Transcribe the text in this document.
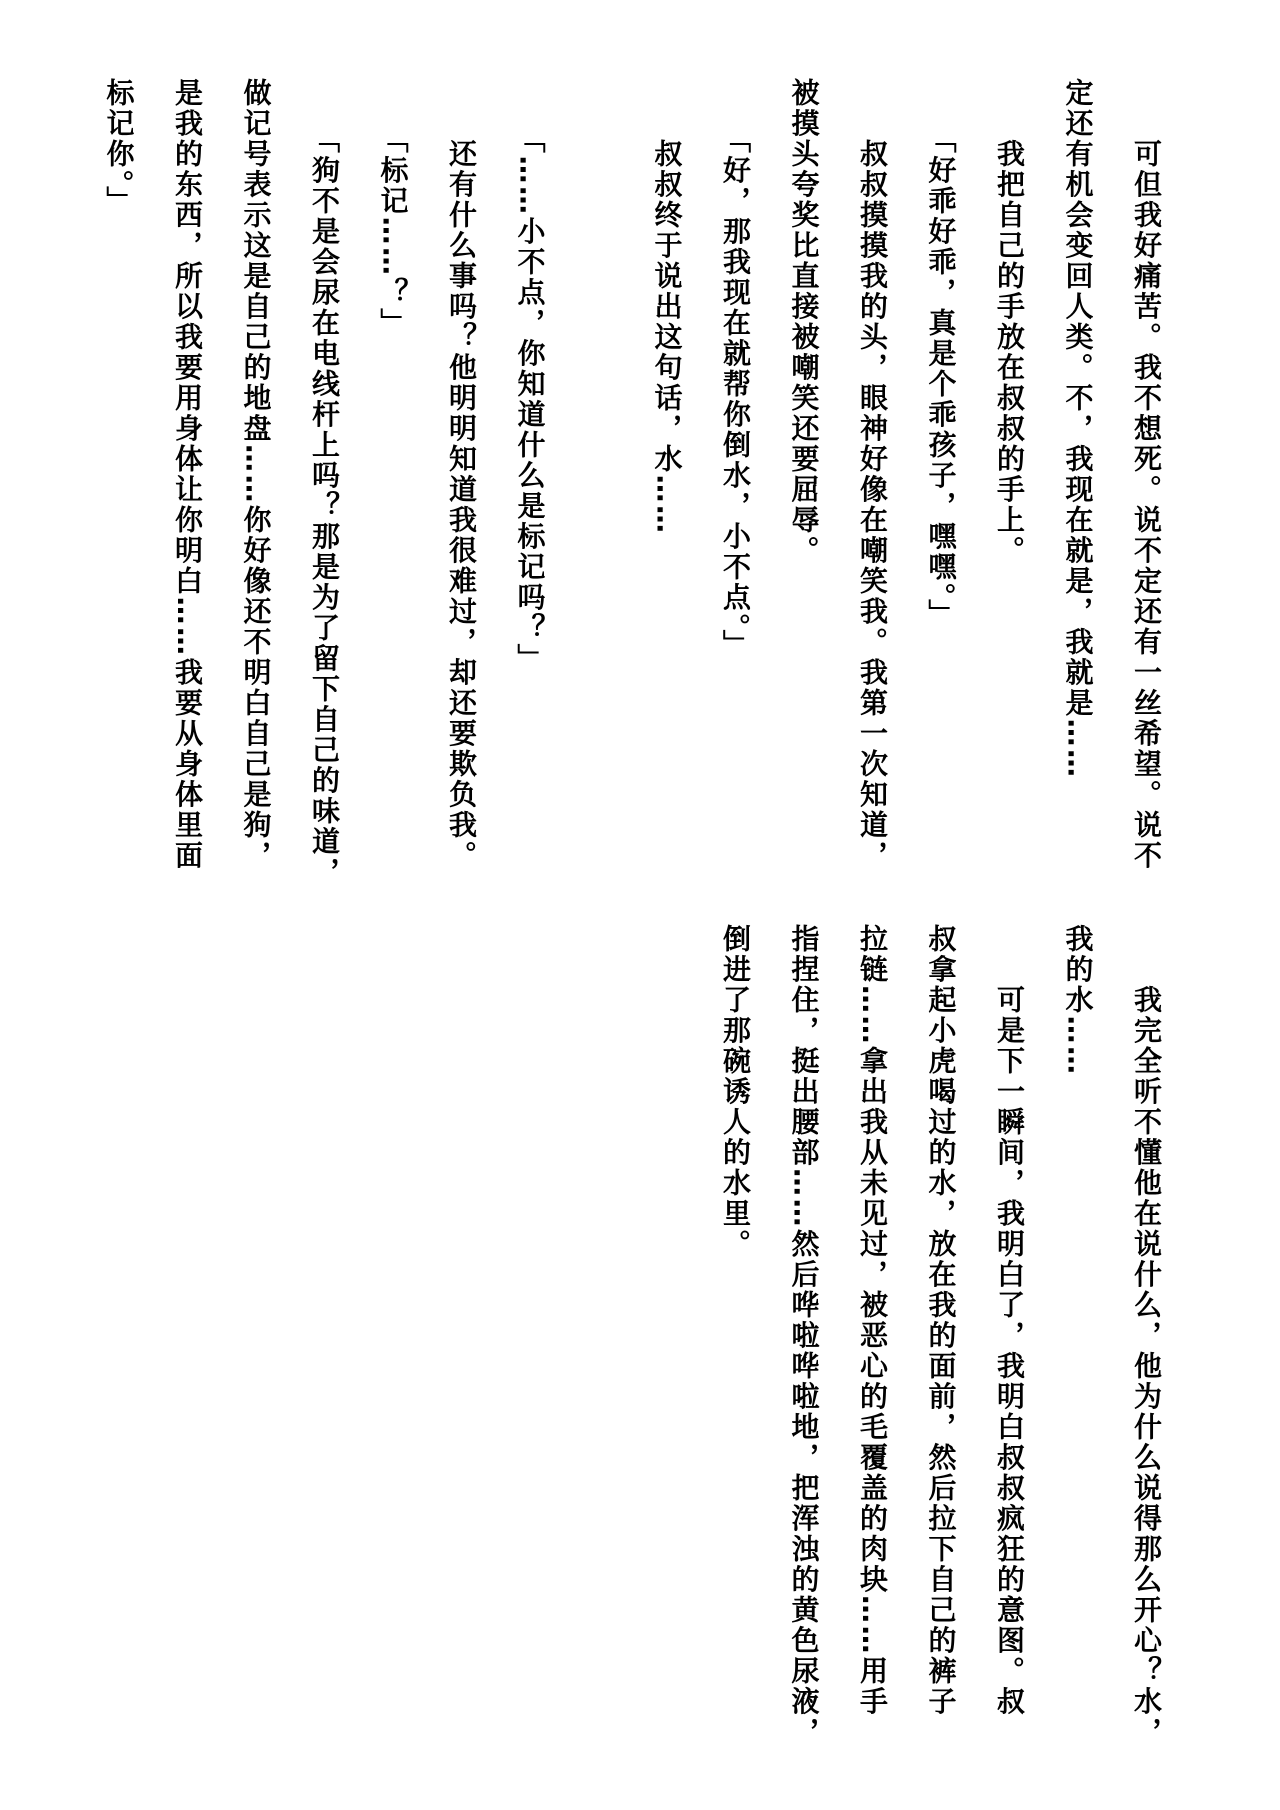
　　可但我好痛苦。我不想死。说不定还有一丝希望。说不

定还有机会变回人类。不，我现在就是，我就是……

　　我把自己的手放在叔叔的手上。

　　「好乖好乖，真是个乖孩子，嘿嘿。」

　　叔叔摸摸我的头，眼神好像在嘲笑我。我第一次知道，

被摸头夸奖比直接被嘲笑还要屈辱。

　　「好，那我现在就帮你倒水，小不点。」

　　叔叔终于说出这句话，水……

　　「……小不点，你知道什么是标记吗？」

　　还有什么事吗？他明明知道我很难过，却还要欺负我。

　　「标记……？」

　　「狗不是会尿在电线杆上吗？那是为了留下自己的味道，

做记号表示这是自己的地盘……你好像还不明白自己是狗，

是我的东西，所以我要用身体让你明白……我要从身体里面

标记你。」

　　我完全听不懂他在说什么，他为什么说得那么开心？水，

我的水……

　　可是下一瞬间，我明白了，我明白叔叔疯狂的意图。叔

叔拿起小虎喝过的水，放在我的面前，然后拉下自己的裤子

拉链……拿出我从未见过，被恶心的毛覆盖的肉块……用手

指捏住，挺出腰部……然后哗啦哗啦地，把浑浊的黄色尿液，

倒进了那碗诱人的水里。
